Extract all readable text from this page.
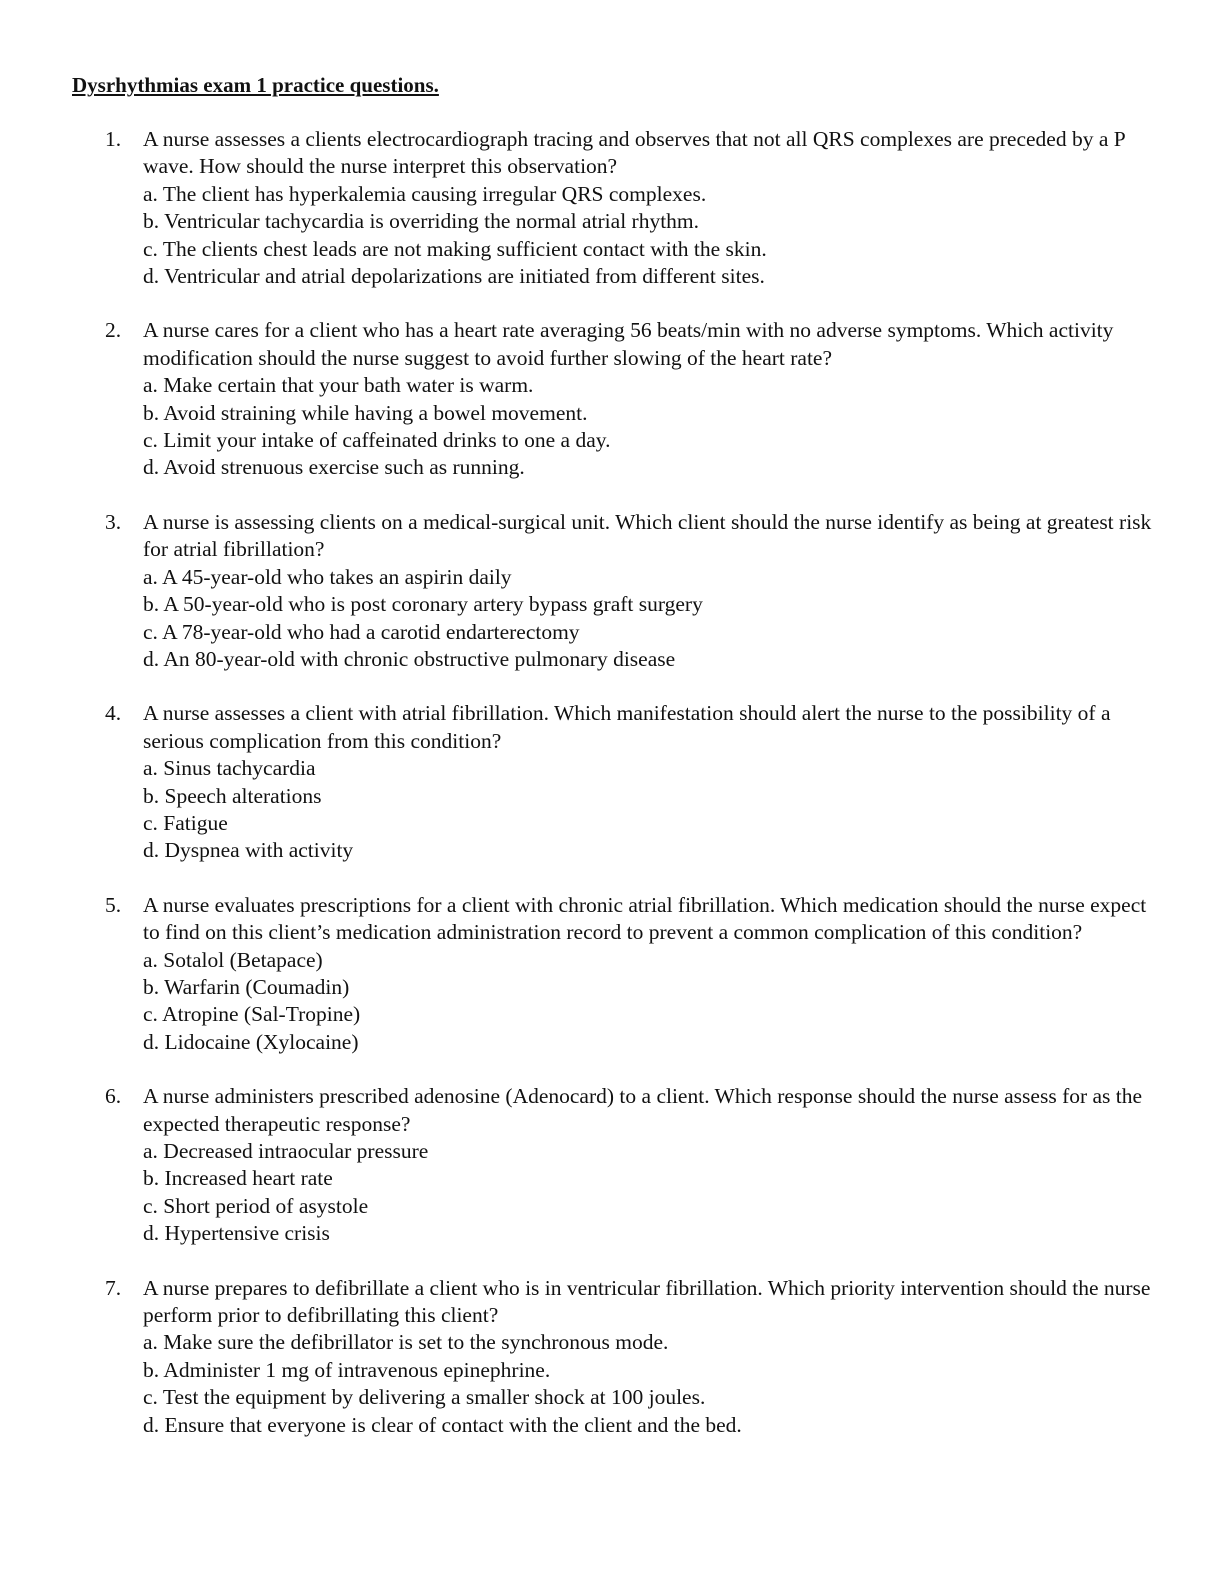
Dysrhythmias exam 1 practice questions.
1. A nurse assesses a clients electrocardiograph tracing and observes that not all QRS complexes are preceded by a P wave. How should the nurse interpret this observation?

a. The client has hyperkalemia causing irregular QRS complexes.

b. Ventricular tachycardia is overriding the normal atrial rhythm.

c. The clients chest leads are not making sufficient contact with the skin.

d. Ventricular and atrial depolarizations are initiated from different sites.

2. A nurse cares for a client who has a heart rate averaging 56 beats/min with no adverse symptoms. Which activity modification should the nurse suggest to avoid further slowing of the heart rate?

a. Make certain that your bath water is warm.

b. Avoid straining while having a bowel movement.

c. Limit your intake of caffeinated drinks to one a day.

d. Avoid strenuous exercise such as running.

3. A nurse is assessing clients on a medical-surgical unit. Which client should the nurse identify as being at greatest risk for atrial fibrillation?

a. A 45-year-old who takes an aspirin daily

b. A 50-year-old who is post coronary artery bypass graft surgery

c. A 78-year-old who had a carotid endarterectomy

d. An 80-year-old with chronic obstructive pulmonary disease

4. A nurse assesses a client with atrial fibrillation. Which manifestation should alert the nurse to the possibility of a serious complication from this condition?

a. Sinus tachycardia

b. Speech alterations

c. Fatigue

d. Dyspnea with activity

5. A nurse evaluates prescriptions for a client with chronic atrial fibrillation. Which medication should the nurse expect to find on this client’s medication administration record to prevent a common complication of this condition?

a. Sotalol (Betapace)

b. Warfarin (Coumadin)

c. Atropine (Sal-Tropine)

d. Lidocaine (Xylocaine)

6. A nurse administers prescribed adenosine (Adenocard) to a client. Which response should the nurse assess for as the expected therapeutic response?

a. Decreased intraocular pressure

b. Increased heart rate

c. Short period of asystole

d. Hypertensive crisis

7. A nurse prepares to defibrillate a client who is in ventricular fibrillation. Which priority intervention should the nurse perform prior to defibrillating this client?

a. Make sure the defibrillator is set to the synchronous mode.

b. Administer 1 mg of intravenous epinephrine.

c. Test the equipment by delivering a smaller shock at 100 joules.

d. Ensure that everyone is clear of contact with the client and the bed.
